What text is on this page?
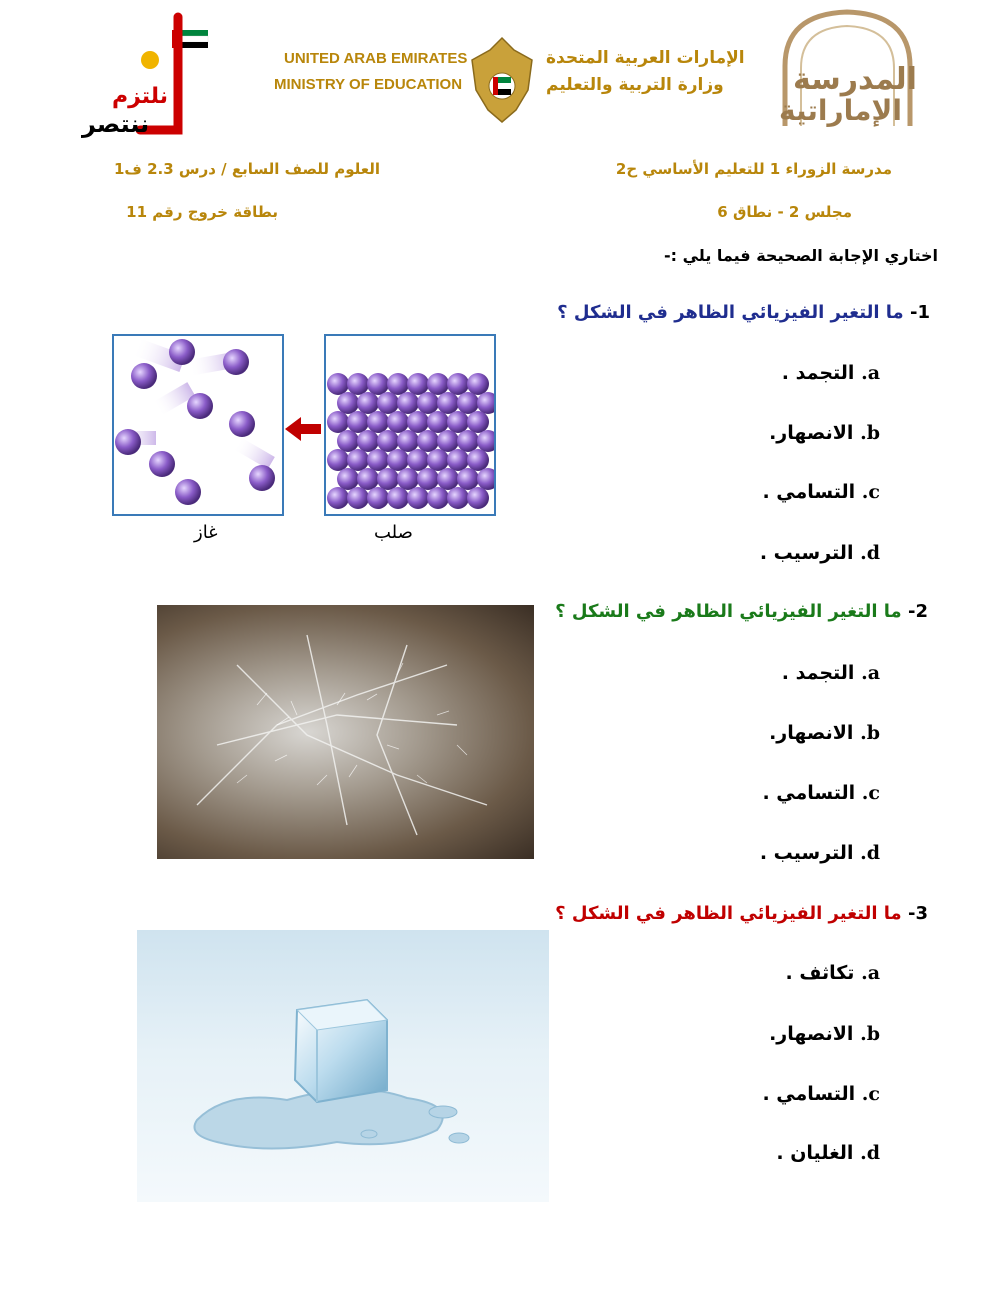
نلتزم
ننتصر
UNITED ARAB EMIRATES
MINISTRY OF EDUCATION
الإمارات العربية المتحدة
وزارة التربية والتعليم المدرسة
الإماراتية
مدرسة الزوراء 1 للتعليم الأساسي ح2
العلوم للصف السابع / درس 2.3 ف1
مجلس 2 - نطاق 6
بطاقة خروج رقم 11
اختاري الإجابة الصحيحة فيما يلي :-
1- ما التغير الفيزيائي الظاهر في الشكل ؟
a. التجمد .
b. الانصهار.
c. التسامي .
d. الترسيب .
غاز	صلب
2- ما التغير الفيزيائي الظاهر في الشكل ؟
a. التجمد .
b. الانصهار.
c. التسامي .
d. الترسيب .
3- ما التغير الفيزيائي الظاهر في الشكل ؟
a. تكاثف .
b. الانصهار.
c. التسامي .
d. الغليان .
